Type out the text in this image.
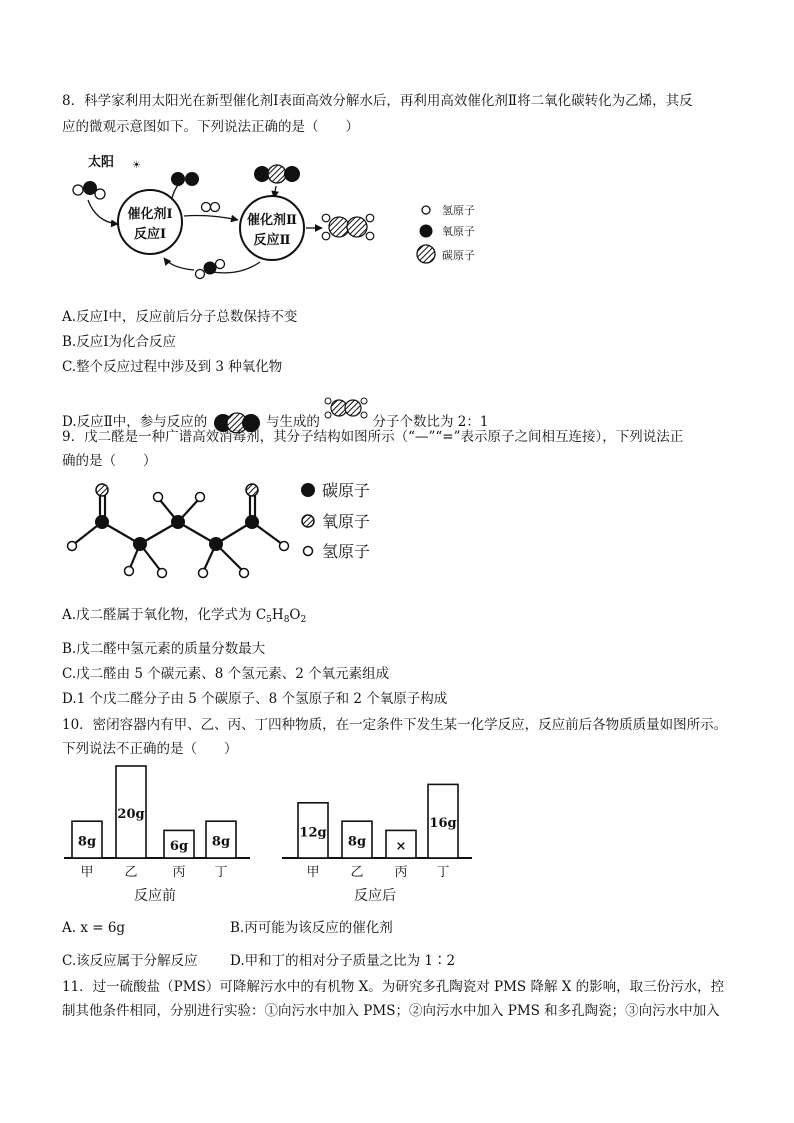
8．科学家利用太阳光在新型催化剂Ⅰ表面高效分解水后，再利用高效催化剂Ⅱ将二氧化碳转化为乙烯，其反
应的微观示意图如下。下列说法正确的是（　　）
太阳 ☀
催化剂Ⅰ
反应Ⅰ
催化剂Ⅱ
反应Ⅱ
氢原子
氧原子
碳原子
A.反应Ⅰ中，反应前后分子总数保持不变
B.反应Ⅰ为化合反应
C.整个反应过程中涉及到 3 种氧化物
D.反应Ⅱ中，参与反应的	与生成的	分子个数比为 2：1
9．戊二醛是一种广谱高效消毒剂，其分子结构如图所示（“—”“=”表示原子之间相互连接），下列说法正
确的是（　　）
碳原子
氧原子
氢原子
A.戊二醛属于氧化物，化学式为 $C_5H_8O_2$
B.戊二醛中氢元素的质量分数最大
C.戊二醛由 5 个碳元素、8 个氢元素、2 个氧元素组成
D.1 个戊二醛分子由 5 个碳原子、8 个氢原子和 2 个氧原子构成
10．密闭容器内有甲、乙、丙、丁四种物质，在一定条件下发生某一化学反应，反应前后各物质质量如图所示。
下列说法不正确的是（　　）
8g
甲
20g
乙
6g
丙
8g
丁
反应前
12g
甲
8g
乙
×
丙
16g
丁
反应后
A. x = 6g	B.丙可能为该反应的催化剂
C.该反应属于分解反应 D.甲和丁的相对分子质量之比为 1∶2
11．过一硫酸盐（PMS）可降解污水中的有机物 X。为研究多孔陶瓷对 PMS 降解 X 的影响，取三份污水，控
制其他条件相同，分别进行实验：①向污水中加入 PMS；②向污水中加入 PMS 和多孔陶瓷；③向污水中加入
